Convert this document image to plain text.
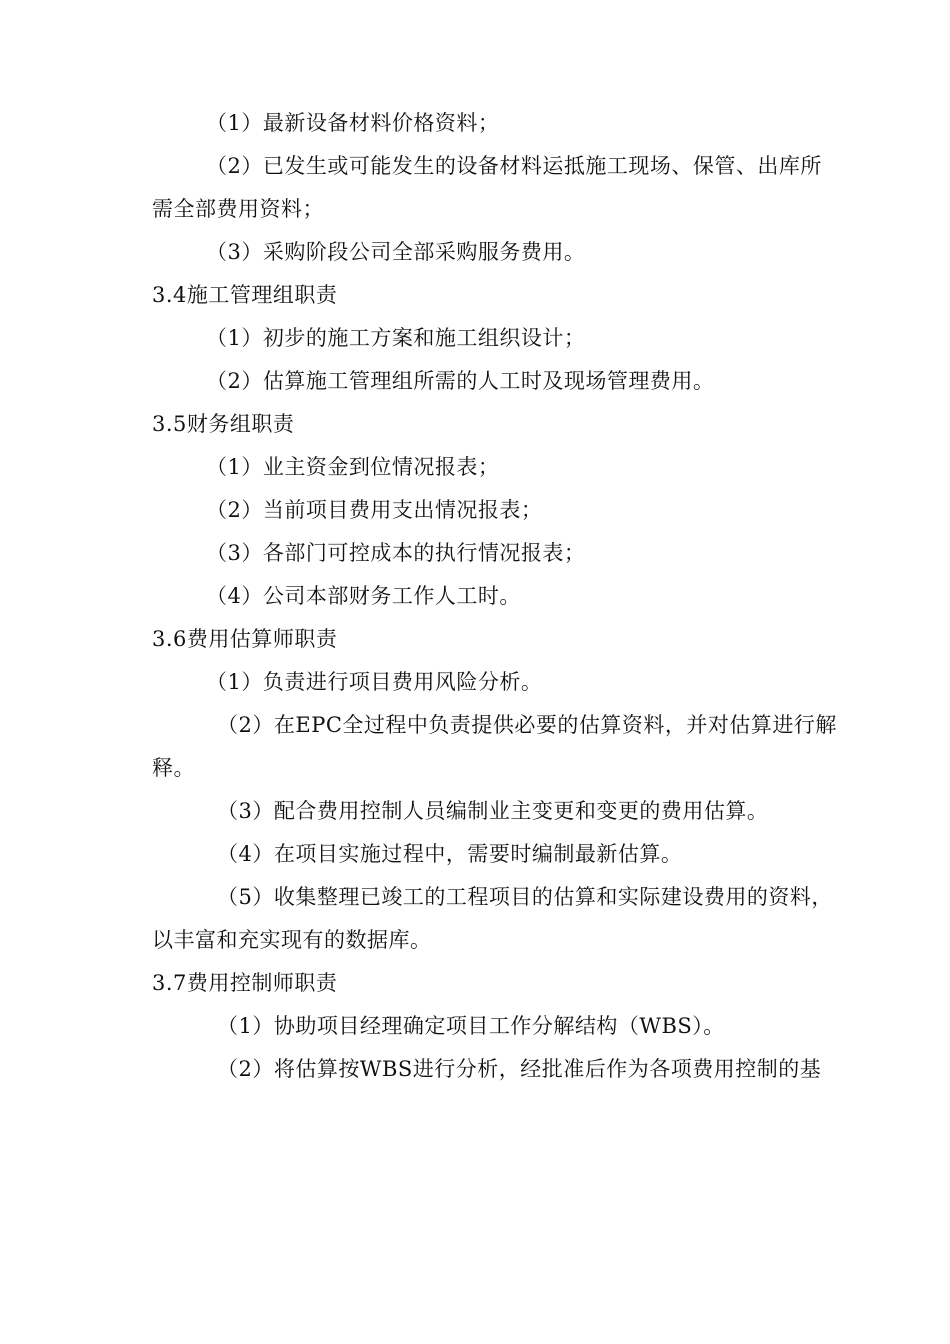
（1）最新设备材料价格资料；
（2）已发生或可能发生的设备材料运抵施工现场、保管、出库所
需全部费用资料；
（3）采购阶段公司全部采购服务费用。
3.4施工管理组职责
（1）初步的施工方案和施工组织设计；
（2）估算施工管理组所需的人工时及现场管理费用。
3.5财务组职责
（1）业主资金到位情况报表；
（2）当前项目费用支出情况报表；
（3）各部门可控成本的执行情况报表；
（4）公司本部财务工作人工时。
3.6费用估算师职责
（1）负责进行项目费用风险分析。
（2）在EPC全过程中负责提供必要的估算资料，并对估算进行解
释。
（3）配合费用控制人员编制业主变更和变更的费用估算。
（4）在项目实施过程中，需要时编制最新估算。
（5）收集整理已竣工的工程项目的估算和实际建设费用的资料，
以丰富和充实现有的数据库。
3.7费用控制师职责
（1）协助项目经理确定项目工作分解结构（WBS）。
（2）将估算按WBS进行分析，经批准后作为各项费用控制的基
